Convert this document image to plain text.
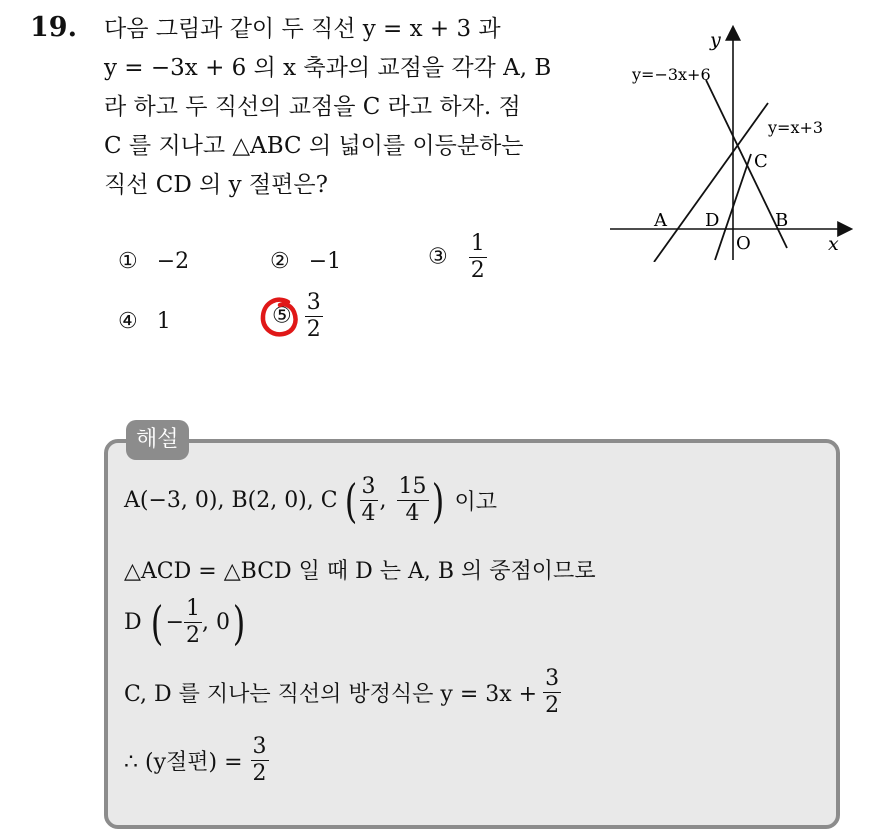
19. 다음 그림과 같이 두 직선 y = x + 3 과
y = −3x + 6 의 x 축과의 교점을 각각 A, B
라 하고 두 직선의 교점을 C 라고 하자. 점
C 를 지나고 △ABC 의 넓이를 이등분하는
직선 CD 의 y 절편은?
① −2	② −1	③ $\frac{1}{2}$
④ 1	⑤ $\frac{3}{2}$
y
x
y=−3x+6
y=x+3
C
A D
O
B
해설
A(−3, 0), B(2, 0), C ( $\frac{3}{4}$ , $\frac{15}{4}$ ) 이고
△ACD = △BCD 일 때 D 는 A, B 의 중점이므로
D ( − $\frac{1}{2}$ , 0 )
C, D 를 지나는 직선의 방정식은 $y = 3x + \frac{3}{2}$
∴ (y절편) = $\frac{3}{2}$
